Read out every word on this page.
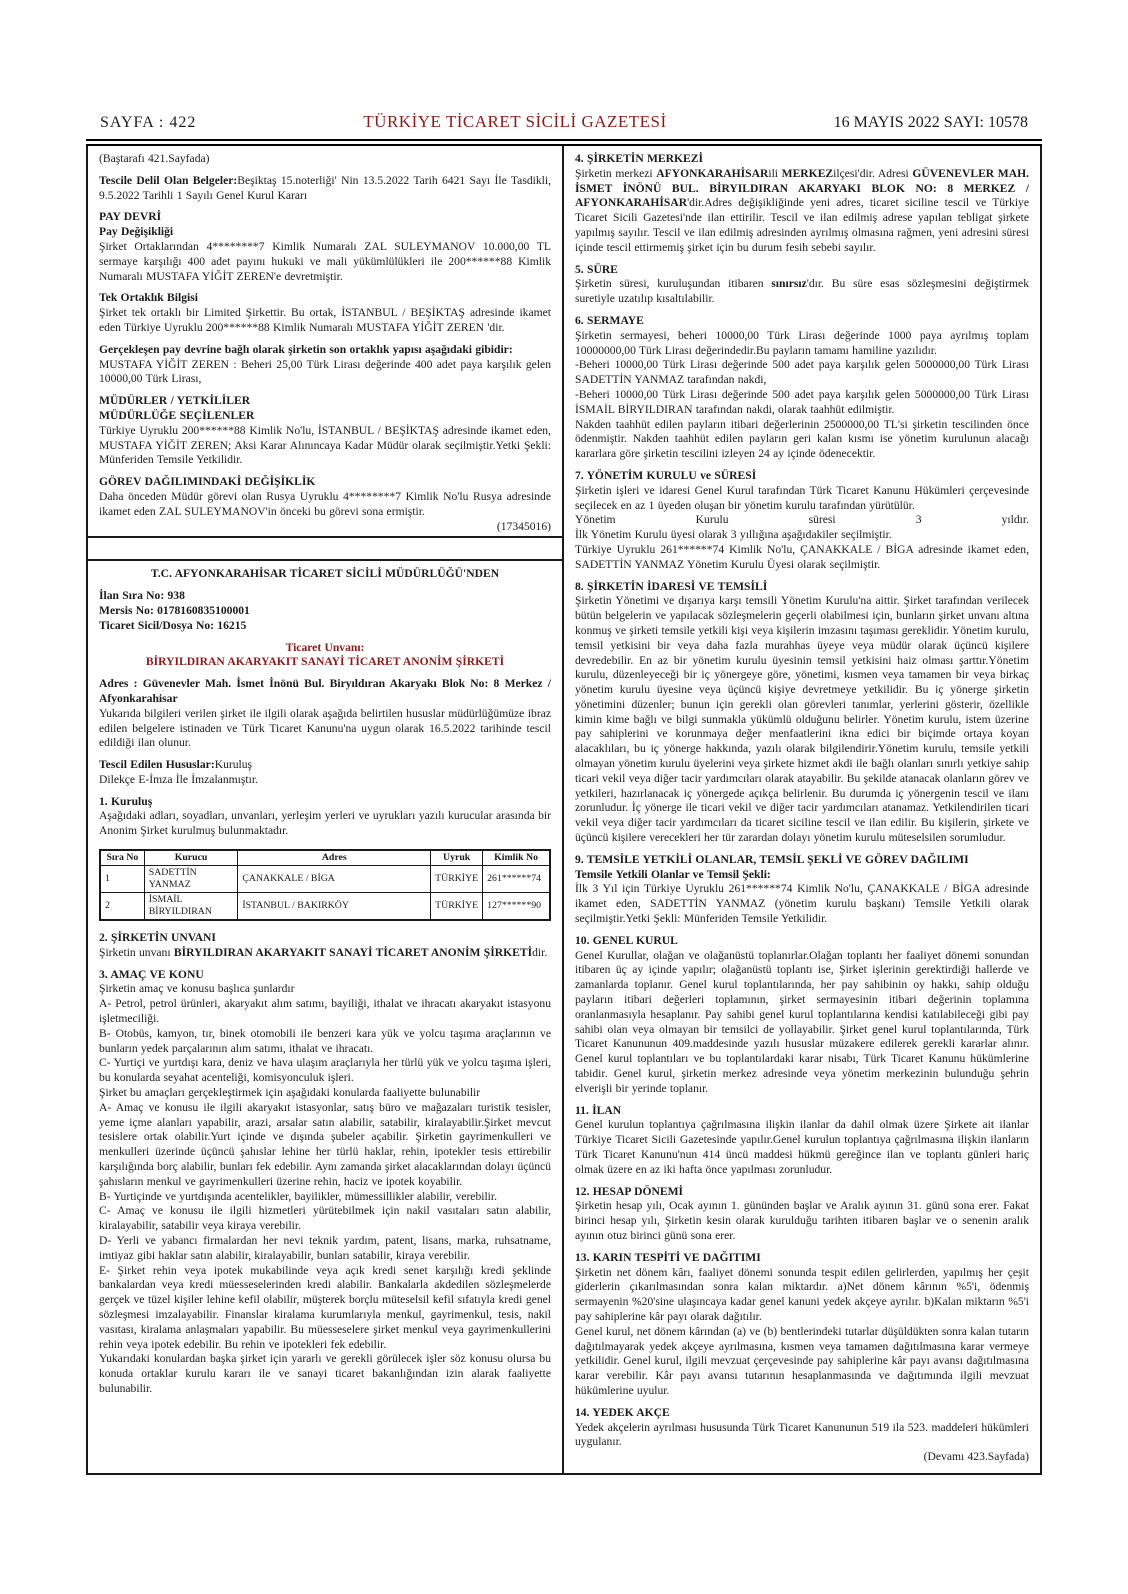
SAYFA : 422	TÜRKİYE TİCARET SİCİLİ GAZETESİ	16 MAYIS 2022 SAYI: 10578
(Baştarafı 421.Sayfada)
Tescile Delil Olan Belgeler:Beşiktaş 15.noterliği' Nin 13.5.2022 Tarih 6421 Sayı İle Tasdikli, 9.5.2022 Tarihli 1 Sayılı Genel Kurul Kararı
PAY DEVRİ
Pay Değişikliği
Şirket Ortaklarından 4********7 Kimlik Numaralı ZAL SULEYMANOV 10.000,00 TL sermaye karşılığı 400 adet payını hukuki ve mali yükümlülükleri ile 200******88 Kimlik Numaralı MUSTAFA YİĞİT ZEREN'e devretmiştir.
Tek Ortaklık Bilgisi
Şirket tek ortaklı bir Limited Şirkettir. Bu ortak, İSTANBUL / BEŞİKTAŞ adresinde ikamet eden Türkiye Uyruklu 200******88 Kimlik Numaralı MUSTAFA YİĞİT ZEREN 'dir.
Gerçekleşen pay devrine bağlı olarak şirketin son ortaklık yapısı aşağıdaki gibidir:
MUSTAFA YİĞİT ZEREN : Beheri 25,00 Türk Lirası değerinde 400 adet paya karşılık gelen 10000,00 Türk Lirası,
MÜDÜRLER / YETKİLİLER
MÜDÜRLÜĞE SEÇİLENLER
Türkiye Uyruklu 200******88 Kimlik No'lu, İSTANBUL / BEŞİKTAŞ adresinde ikamet eden, MUSTAFA YİĞİT ZEREN; Aksi Karar Alınıncaya Kadar Müdür olarak seçilmiştir.Yetki Şekli: Münferiden Temsile Yetkilidir.
GÖREV DAĞILIMINDAKİ DEĞİŞİKLİK
Daha önceden Müdür görevi olan Rusya Uyruklu 4********7 Kimlik No'lu Rusya adresinde ikamet eden ZAL SULEYMANOV'in önceki bu görevi sona ermiştir.
(17345016)
T.C. AFYONKARAHİSAR TİCARET SİCİLİ MÜDÜRLÜĞÜ'NDEN
İlan Sıra No: 938
Mersis No: 0178160835100001
Ticaret Sicil/Dosya No: 16215
Ticaret Unvanı:
BİRYILDIRAN AKARYAKIT SANAYİ TİCARET ANONİM ŞİRKETİ
Adres : Güvenevler Mah. İsmet İnönü Bul. Biryıldıran Akaryakı Blok No: 8 Merkez / Afyonkarahisar
Yukarıda bilgileri verilen şirket ile ilgili olarak aşağıda belirtilen hususlar müdürlüğümüze ibraz edilen belgelere istinaden ve Türk Ticaret Kanunu'na uygun olarak 16.5.2022 tarihinde tescil edildiği ilan olunur.
Tescil Edilen Hususlar:Kuruluş
Dilekçe E-İmza İle İmzalanmıştır.
1. Kuruluş
Aşağıdaki adları, soyadları, unvanları, yerleşim yerleri ve uyrukları yazılı kurucular arasında bir Anonim Şirket kurulmuş bulunmaktadır.
Sıra No	Kurucu	Adres	Uyruk	Kimlik No
1	SADETTİN YANMAZ	ÇANAKKALE / BİGA	TÜRKİYE	261******74
2	İSMAİL BİRYILDIRAN	İSTANBUL / BAKIRKÖY	TÜRKİYE	127******90
2. ŞİRKETİN UNVANI
Şirketin unvanı BİRYILDIRAN AKARYAKIT SANAYİ TİCARET ANONİM ŞİRKETİdir.
3. AMAÇ VE KONU
Şirketin amaç ve konusu başlıca şunlardır
A- Petrol, petrol ürünleri, akaryakıt alım satımı, bayiliği, ithalat ve ihracatı akaryakıt istasyonu işletmeciliği.
B- Otobüs, kamyon, tır, binek otomobili ile benzeri kara yük ve yolcu taşıma araçlarının ve bunların yedek parçalarının alım satımı, ithalat ve ihracatı.
C- Yurtiçi ve yurtdışı kara, deniz ve hava ulaşım araçlarıyla her türlü yük ve yolcu taşıma işleri, bu konularda seyahat acenteliği, komisyonculuk işleri.
Şirket bu amaçları gerçekleştirmek için aşağıdaki konularda faaliyette bulunabilir
A- Amaç ve konusu ile ilgili akaryakıt istasyonlar, satış büro ve mağazaları turistik tesisler, yeme içme alanları yapabilir, arazi, arsalar satın alabilir, satabilir, kiralayabilir.Şirket mevcut tesislere ortak olabilir.Yurt içinde ve dışında şubeler açabilir. Şirketin gayrimenkulleri ve menkulleri üzerinde üçüncü şahıslar lehine her türlü haklar, rehin, ipotekler tesis ettirebilir karşılığında borç alabilir, bunları fek edebilir. Aynı zamanda şirket alacaklarından dolayı üçüncü şahısların menkul ve gayrimenkulleri üzerine rehin, haciz ve ipotek koyabilir.
B- Yurtiçinde ve yurtdışında acentelikler, bayilikler, mümessillikler alabilir, verebilir.
C- Amaç ve konusu ile ilgili hizmetleri yürütebilmek için nakil vasıtaları satın alabilir, kiralayabilir, satabilir veya kiraya verebilir.
D- Yerli ve yabancı firmalardan her nevi teknik yardım, patent, lisans, marka, ruhsatname, imtiyaz gibi haklar satın alabilir, kiralayabilir, bunları satabilir, kiraya verebilir.
E- Şirket rehin veya ipotek mukabilinde veya açık kredi senet karşılığı kredi şeklinde bankalardan veya kredi müesseselerinden kredi alabilir. Bankalarla akdedilen sözleşmelerde gerçek ve tüzel kişiler lehine kefil olabilir, müşterek borçlu müteselsil kefil sıfatıyla kredi genel sözleşmesi imzalayabilir. Finanslar kiralama kurumlarıyla menkul, gayrimenkul, tesis, nakil vasıtası, kiralama anlaşmaları yapabilir. Bu müesseselere şirket menkul veya gayrimenkullerini rehin veya ipotek edebilir. Bu rehin ve ipotekleri fek edebilir.
Yukarıdaki konulardan başka şirket için yararlı ve gerekli görülecek işler söz konusu olursa bu konuda ortaklar kurulu kararı ile ve sanayi ticaret bakanlığından izin alarak faaliyette bulunabilir.
4. ŞİRKETİN MERKEZİ
Şirketin merkezi AFYONKARAHİSARili MERKEZilçesi'dir. Adresi GÜVENEVLER MAH. İSMET İNÖNÜ BUL. BİRYILDIRAN AKARYAKI BLOK NO: 8 MERKEZ / AFYONKARAHİSAR'dir.Adres değişikliğinde yeni adres, ticaret siciline tescil ve Türkiye Ticaret Sicili Gazetesi'nde ilan ettirilir. Tescil ve ilan edilmiş adrese yapılan tebligat şirkete yapılmış sayılır. Tescil ve ilan edilmiş adresinden ayrılmış olmasına rağmen, yeni adresini süresi içinde tescil ettirmemiş şirket için bu durum fesih sebebi sayılır.
5. SÜRE
Şirketin süresi, kuruluşundan itibaren sınırsız'dır. Bu süre esas sözleşmesini değiştirmek suretiyle uzatılıp kısaltılabilir.
6. SERMAYE
Şirketin sermayesi, beheri 10000,00 Türk Lirası değerinde 1000 paya ayrılmış toplam 10000000,00 Türk Lirası değerindedir.Bu payların tamamı hamiline yazılıdır.
-Beheri 10000,00 Türk Lirası değerinde 500 adet paya karşılık gelen 5000000,00 Türk Lirası SADETTİN YANMAZ tarafından nakdi,
-Beheri 10000,00 Türk Lirası değerinde 500 adet paya karşılık gelen 5000000,00 Türk Lirası İSMAİL BİRYILDIRAN tarafından nakdi, olarak taahhüt edilmiştir.
Nakden taahhüt edilen payların itibari değerlerinin 2500000,00 TL'si şirketin tescilinden önce ödenmiştir. Nakden taahhüt edilen payların geri kalan kısmı ise yönetim kurulunun alacağı kararlara göre şirketin tescilini izleyen 24 ay içinde ödenecektir.
7. YÖNETİM KURULU ve SÜRESİ
Şirketin işleri ve idaresi Genel Kurul tarafından Türk Ticaret Kanunu Hükümleri çerçevesinde seçilecek en az 1 üyeden oluşan bir yönetim kurulu tarafından yürütülür.
Yönetim Kurulu süresi 3 yıldır.
İlk Yönetim Kurulu üyesi olarak 3 yıllığına aşağıdakiler seçilmiştir.
Türkiye Uyruklu 261******74 Kimlik No'lu, ÇANAKKALE / BİGA adresinde ikamet eden, SADETTİN YANMAZ Yönetim Kurulu Üyesi olarak seçilmiştir.
8. ŞİRKETİN İDARESİ VE TEMSİLİ
Şirketin Yönetimi ve dışarıya karşı temsili Yönetim Kurulu'na aittir. Şirket tarafından verilecek bütün belgelerin ve yapılacak sözleşmelerin geçerli olabilmesi için, bunların şirket unvanı altına konmuş ve şirketi temsile yetkili kişi veya kişilerin imzasını taşıması gereklidir. Yönetim kurulu, temsil yetkisini bir veya daha fazla murahhas üyeye veya müdür olarak üçüncü kişilere devredebilir. En az bir yönetim kurulu üyesinin temsil yetkisini haiz olması şarttır.Yönetim kurulu, düzenleyeceği bir iç yönergeye göre, yönetimi, kısmen veya tamamen bir veya birkaç yönetim kurulu üyesine veya üçüncü kişiye devretmeye yetkilidir. Bu iç yönerge şirketin yönetimini düzenler; bunun için gerekli olan görevleri tanımlar, yerlerini gösterir, özellikle kimin kime bağlı ve bilgi sunmakla yükümlü olduğunu belirler. Yönetim kurulu, istem üzerine pay sahiplerini ve korunmaya değer menfaatlerini ikna edici bir biçimde ortaya koyan alacaklıları, bu iç yönerge hakkında, yazılı olarak bilgilendirir.Yönetim kurulu, temsile yetkili olmayan yönetim kurulu üyelerini veya şirkete hizmet akdi ile bağlı olanları sınırlı yetkiye sahip ticari vekil veya diğer tacir yardımcıları olarak atayabilir. Bu şekilde atanacak olanların görev ve yetkileri, hazırlanacak iç yönergede açıkça belirlenir. Bu durumda iç yönergenin tescil ve ilanı zorunludur. İç yönerge ile ticari vekil ve diğer tacir yardımcıları atanamaz. Yetkilendirilen ticari vekil veya diğer tacir yardımcıları da ticaret siciline tescil ve ilan edilir. Bu kişilerin, şirkete ve üçüncü kişilere verecekleri her tür zarardan dolayı yönetim kurulu müteselsilen sorumludur.
9. TEMSİLE YETKİLİ OLANLAR, TEMSİL ŞEKLİ VE GÖREV DAĞILIMI
Temsile Yetkili Olanlar ve Temsil Şekli:
İlk 3 Yıl için Türkiye Uyruklu 261******74 Kimlik No'lu, ÇANAKKALE / BİGA adresinde ikamet eden, SADETTİN YANMAZ (yönetim kurulu başkanı) Temsile Yetkili olarak seçilmiştir.Yetki Şekli: Münferiden Temsile Yetkilidir.
10. GENEL KURUL
Genel Kurullar, olağan ve olağanüstü toplanırlar.Olağan toplantı her faaliyet dönemi sonundan itibaren üç ay içinde yapılır; olağanüstü toplantı ise, Şirket işlerinin gerektirdiği hallerde ve zamanlarda toplanır. Genel kurul toplantılarında, her pay sahibinin oy hakkı, sahip olduğu payların itibari değerleri toplamının, şirket sermayesinin itibari değerinin toplamına oranlanmasıyla hesaplanır. Pay sahibi genel kurul toplantılarına kendisi katılabileceği gibi pay sahibi olan veya olmayan bir temsilci de yollayabilir. Şirket genel kurul toplantılarında, Türk Ticaret Kanununun 409.maddesinde yazılı hususlar müzakere edilerek gerekli kararlar alınır. Genel kurul toplantıları ve bu toplantılardaki karar nisabı, Türk Ticaret Kanunu hükümlerine tabidir. Genel kurul, şirketin merkez adresinde veya yönetim merkezinin bulunduğu şehrin elverişli bir yerinde toplanır.
11. İLAN
Genel kurulun toplantıya çağrılmasına ilişkin ilanlar da dahil olmak üzere Şirkete ait ilanlar Türkiye Ticaret Sicili Gazetesinde yapılır.Genel kurulun toplantıya çağrılmasına ilişkin ilanların Türk Ticaret Kanunu'nun 414 üncü maddesi hükmü gereğince ilan ve toplantı günleri hariç olmak üzere en az iki hafta önce yapılması zorunludur.
12. HESAP DÖNEMİ
Şirketin hesap yılı, Ocak ayının 1. gününden başlar ve Aralık ayının 31. günü sona erer. Fakat birinci hesap yılı, Şirketin kesin olarak kurulduğu tarihten itibaren başlar ve o senenin aralık ayının otuz birinci günü sona erer.
13. KARIN TESPİTİ VE DAĞITIMI
Şirketin net dönem kârı, faaliyet dönemi sonunda tespit edilen gelirlerden, yapılmış her çeşit giderlerin çıkarılmasından sonra kalan miktardır. a)Net dönem kârının %5'i, ödenmiş sermayenin %20'sine ulaşıncaya kadar genel kanuni yedek akçeye ayrılır. b)Kalan miktarın %5'i pay sahiplerine kâr payı olarak dağıtılır.
Genel kurul, net dönem kârından (a) ve (b) bentlerindeki tutarlar düşüldükten sonra kalan tutarın dağıtılmayarak yedek akçeye ayrılmasına, kısmen veya tamamen dağıtılmasına karar vermeye yetkilidir. Genel kurul, ilgili mevzuat çerçevesinde pay sahiplerine kâr payı avansı dağıtılmasına karar verebilir. Kâr payı avansı tutarının hesaplanmasında ve dağıtımında ilgili mevzuat hükümlerine uyulur.
14. YEDEK AKÇE
Yedek akçelerin ayrılması hususunda Türk Ticaret Kanununun 519 ila 523. maddeleri hükümleri uygulanır.
(Devamı 423.Sayfada)
